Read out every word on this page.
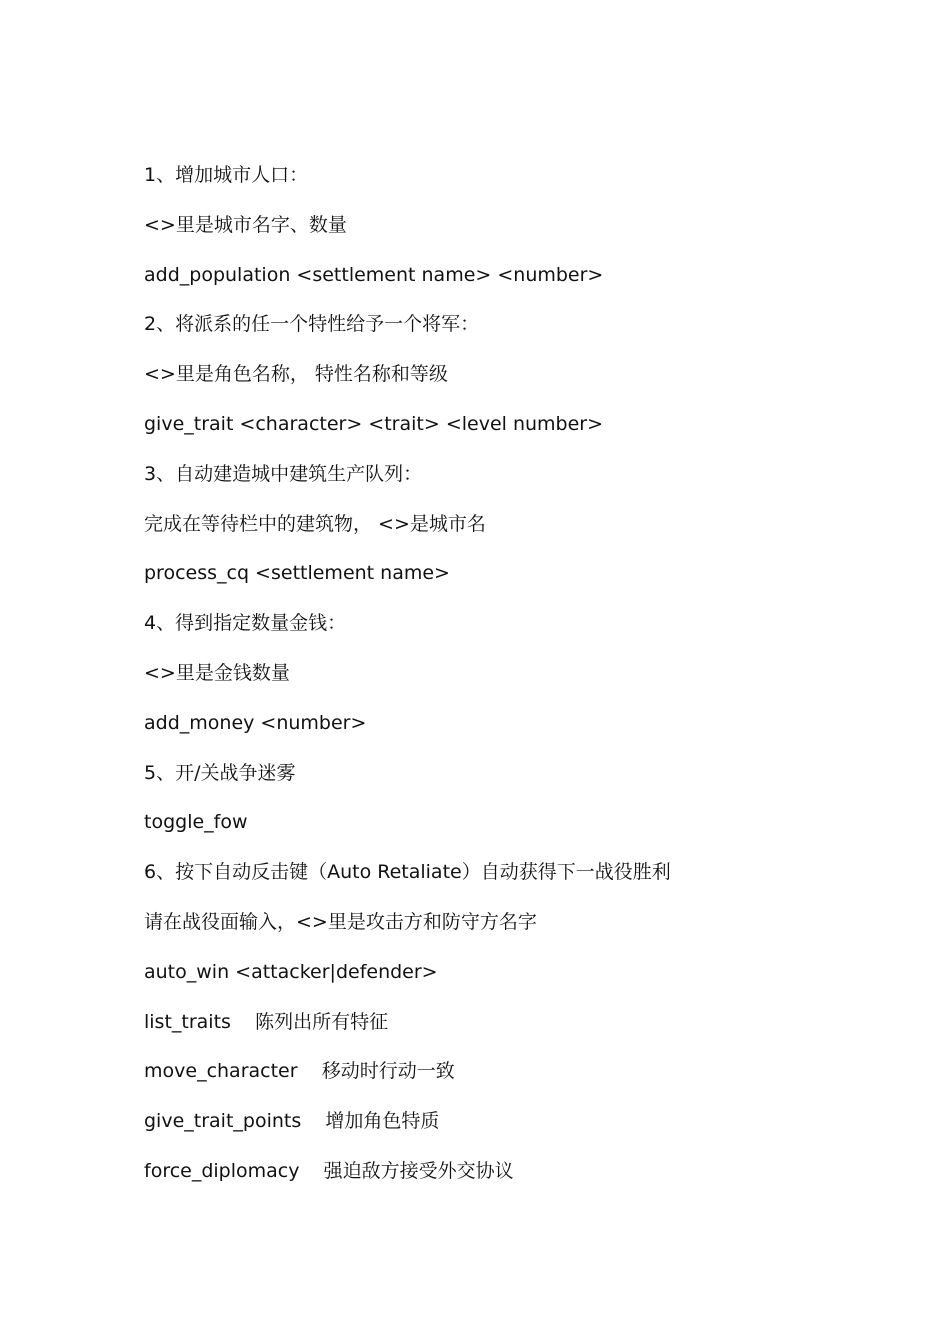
1、增加城市人口：
<>里是城市名字、数量
add_population <settlement name> <number>
2、将派系的任一个特性给予一个将军：
<>里是角色名称， 特性名称和等级
give_trait <character> <trait> <level number>
3、自动建造城中建筑生产队列：
完成在等待栏中的建筑物， <>是城市名
process_cq <settlement name>
4、得到指定数量金钱：
<>里是金钱数量
add_money <number>
5、开/关战争迷雾
toggle_fow
6、按下自动反击键（Auto Retaliate）自动获得下一战役胜利
请在战役面输入，<>里是攻击方和防守方名字
auto_win <attacker|defender>
list_traits    陈列出所有特征
move_character    移动时行动一致
give_trait_points    增加角色特质
force_diplomacy    强迫敌方接受外交协议
